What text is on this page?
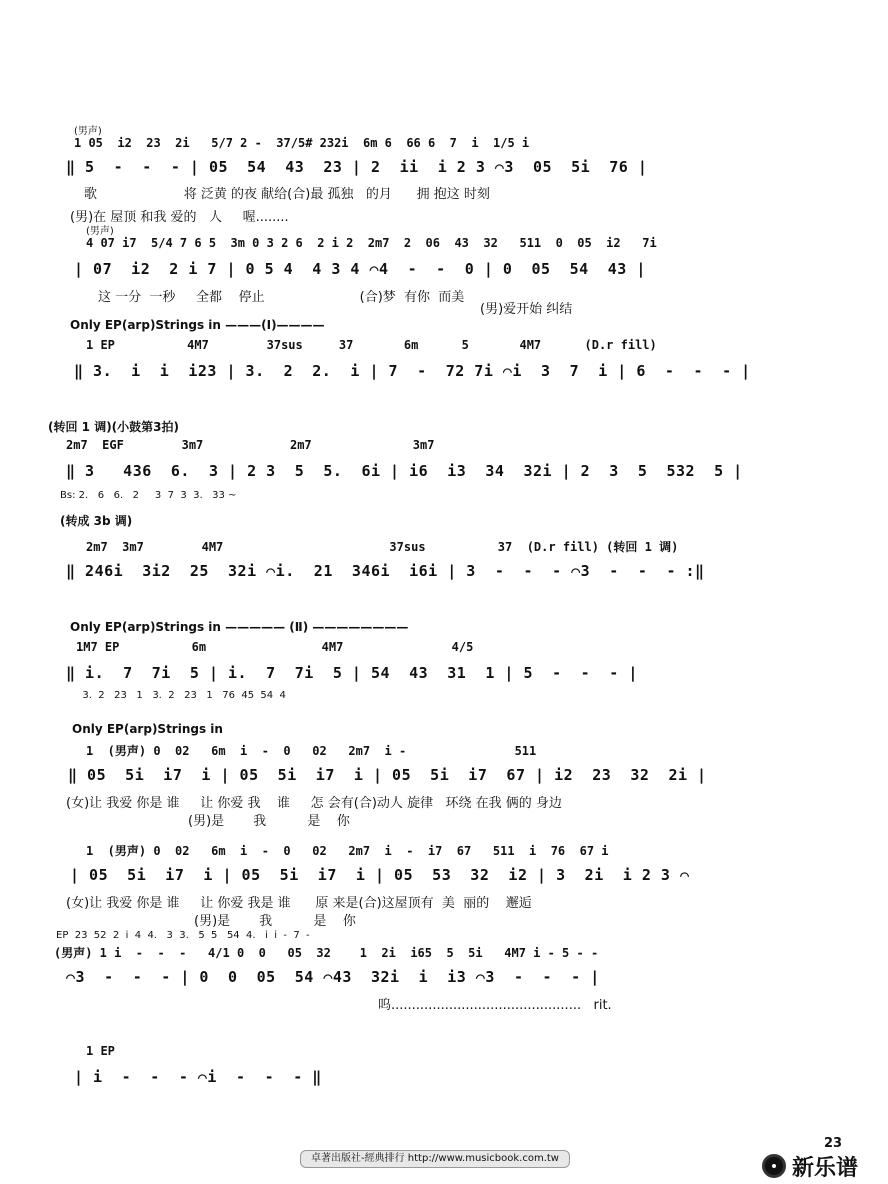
(男声)
1 05  i2  23  2i   5/7 2 -  37/5# 232i  6m 6  66 6  7  i  1/5 i
‖ 5  -  -  - | 05  54  43  23 | 2  ii  i 2 3 ⌒3  05  5i  76 |
歌                     将 泛黄 的夜 献给(合)最 孤独   的月      拥 抱这 时刻
(男)在 屋顶 和我 爱的   人     喔........
(男声)
4 07 i7  5/4 7 6 5  3m 0 3 2 6  2 i 2  2m7  2  06  43  32   511  0  05  i2   7i
| 07  i2  2 i 7 | 0 5 4  4 3 4 ⌒4  -  -  0 | 0  05  54  43 |
这 一分  一秒     全都    停止                       (合)梦  有你  而美
(男)爱开始 纠结
Only EP(arp)Strings in ———(Ⅰ)————
1 EP          4M7        37sus     37       6m      5       4M7      (D.r fill)
‖ 3.  i  i  i23 | 3.  2  2.  i | 7  -  72 7i ⌒i  3  7  i | 6  -  -  - |
(转回 1 调)(小鼓第3拍)
2m7  EGF        3m7            2m7              3m7
‖ 3   436  6.  3 | 2 3  5  5.  6i | i6  i3  34  32i | 2  3  5  532  5 |
Bs: 2.   6   6.   2     3  7  3  3.   33 ~
(转成 3b 调)
2m7  3m7        4M7                       37sus          37  (D.r fill) (转回 1 调)
‖ 246i  3i2  25  32i ⌒i.  21  346i  i6i | 3  -  -  - ⌒3  -  -  - :‖
Only EP(arp)Strings in ————— (Ⅱ) ————————
1M7 EP          6m                4M7               4/5
‖ i.  7  7i  5 | i.  7  7i  5 | 54  43  31  1 | 5  -  -  - |
3.  2   23   1   3.  2   23   1   76  45  54  4
Only EP(arp)Strings in
1  (男声) 0  02   6m  i  -  0   02   2m7  i -               511
‖ 05  5i  i7  i | 05  5i  i7  i | 05  5i  i7  67 | i2  23  32  2i |
(女)让 我爱 你是 谁     让 你爱 我    谁     怎 会有(合)动人 旋律   环绕 在我 俩的 身边
(男)是       我          是    你
1  (男声) 0  02   6m  i  -  0   02   2m7  i  -  i7  67   511  i  76  67 i
| 05  5i  i7  i | 05  5i  i7  i | 05  53  32  i2 | 3  2i  i 2 3 ⌒
(女)让 我爱 你是 谁     让 你爱 我是 谁      原 来是(合)这屋顶有  美  丽的    邂逅
(男)是       我          是    你
EP  23  52  2  i  4  4.   3  3.   5  5   54  4.   i  i  -  7  -
(男声) 1 i  -  -  -   4/1 0  0   05  32    1  2i  i65  5  5i   4M7 i - 5 - -
⌒3  -  -  - | 0  0  05  54 ⌒43  32i  i  i3 ⌒3  -  -  - |
呜..............................................   rit.
1 EP
| i  -  -  - ⌒i  -  -  - ‖
卓著出版社-經典排行 http://www.musicbook.com.tw
23
新乐谱
